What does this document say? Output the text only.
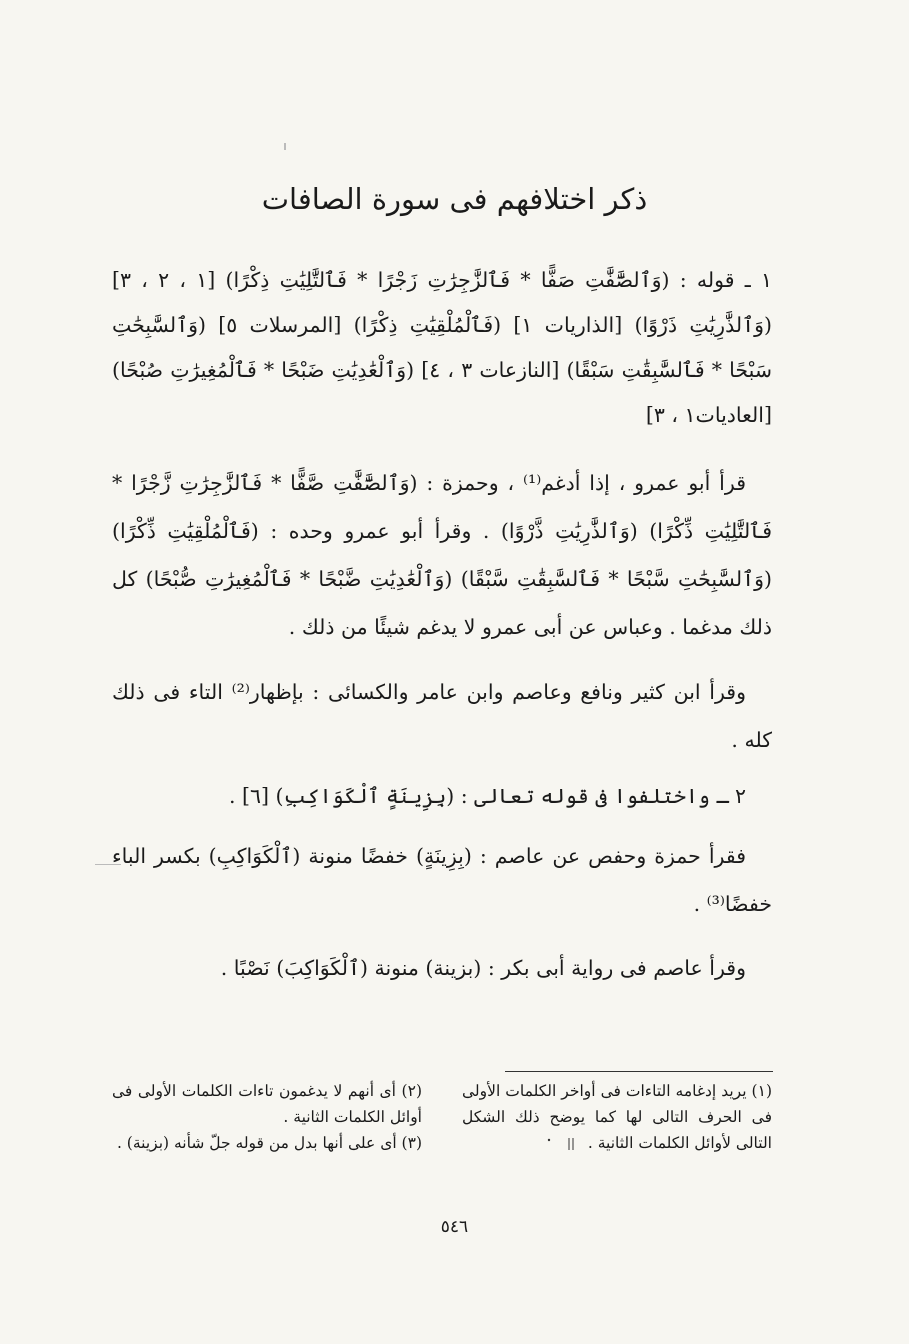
ذكر اختلافهم فى سورة الصافات

١ ـ قوله : (وَٱلصَّٰٓفَّٰتِ صَفًّا * فَٱلزَّٰجِرَٰتِ زَجْرًا * فَٱلتَّٰلِيَٰتِ ذِكْرًا) [١ ، ٢ ، ٣] (وَٱلذَّٰرِيَٰتِ ذَرْوًا) [الذاريات ١] (فَٱلْمُلْقِيَٰتِ ذِكْرًا) [المرسلات ٥] (وَٱلسَّٰبِحَٰتِ سَبْحًا * فَٱلسَّٰبِقَٰتِ سَبْقًا) [النازعات ٣ ، ٤] (وَٱلْعَٰدِيَٰتِ ضَبْحًا * فَٱلْمُغِيرَٰتِ صُبْحًا) [العاديات١ ، ٣]

قرأ أبو عمرو ، إذا أدغم⁽¹⁾ ، وحمزة : (وَٱلصَّٰٓفَّٰتِ صَّفًّا * فَٱلزَّٰجِرَٰتِ زَّجْرًا * فَٱلتَّٰلِيَٰتِ ذِّكْرًا) (وَٱلذَّٰرِيَٰتِ ذَّرْوًا) . وقرأ أبو عمرو وحده : (فَٱلْمُلْقِيَٰتِ ذِّكْرًا) (وَٱلسَّٰبِحَٰتِ سَّبْحًا * فَٱلسَّٰبِقَٰتِ سَّبْقًا) (وَٱلْعَٰدِيَٰتِ ضَّبْحًا * فَٱلْمُغِيرَٰتِ صُّبْحًا) كل ذلك مدغما . وعباس عن أبى عمرو لا يدغم شيئًا من ذلك .

وقرأ ابن كثير ونافع وعاصم وابن عامر والكسائى : بإظهار⁽²⁾ التاء فى ذلك كله .

٢ ـ واختلفوا فى قوله تعالى : (بِزِينَةٍ ٱلْكَوَاكِبِ) [٦] .

فقرأ حمزة وحفص عن عاصم : (بِزِينَةٍ) خفضًا منونة (ٱلْكَوَاكِبِ) بكسر الباء خفضًا⁽³⁾ .

وقرأ عاصم فى رواية أبى بكر : (بزينة) منونة (ٱلْكَوَاكِبَ) نَصْبًا .

(١) يريد إدغامه التاءات فى أواخر الكلمات الأولى فى الحرف التالى لها كما يوضح ذلك الشكل التالى لأوائل الكلمات الثانية .

(٢) أى أنهم لا يدغمون تاءات الكلمات الأولى فى أوائل الكلمات الثانية .

(٣) أى على أنها بدل من قوله جلّ شأنه (بزينة) .

٥٤٦
